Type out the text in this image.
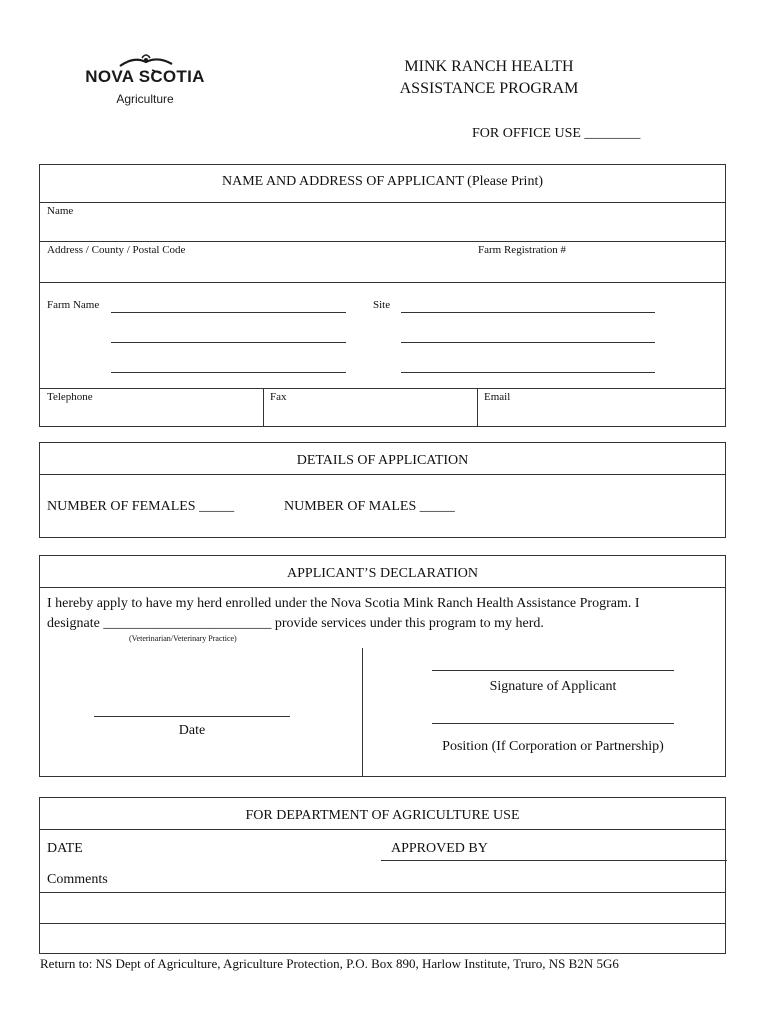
NOVA SCOTIA
Agriculture
MINK RANCH HEALTH
ASSISTANCE PROGRAM
FOR OFFICE USE ________
NAME AND ADDRESS OF APPLICANT (Please Print)
Name
Address / County / Postal Code	Farm Registration #
Farm Name	Site
Telephone	Fax	Email
DETAILS OF APPLICATION
NUMBER OF FEMALES _____	NUMBER OF MALES _____
APPLICANT’S DECLARATION
I hereby apply to have my herd enrolled under the Nova Scotia Mink Ranch Health Assistance Program. I
designate ________________________ provide services under this program to my herd.
(Veterinarian/Veterinary Practice)
Signature of Applicant
Date
Position (If Corporation or Partnership)
FOR DEPARTMENT OF AGRICULTURE USE
DATE	APPROVED BY
Comments
Return to: NS Dept of Agriculture, Agriculture Protection, P.O. Box 890, Harlow Institute, Truro, NS B2N 5G6
